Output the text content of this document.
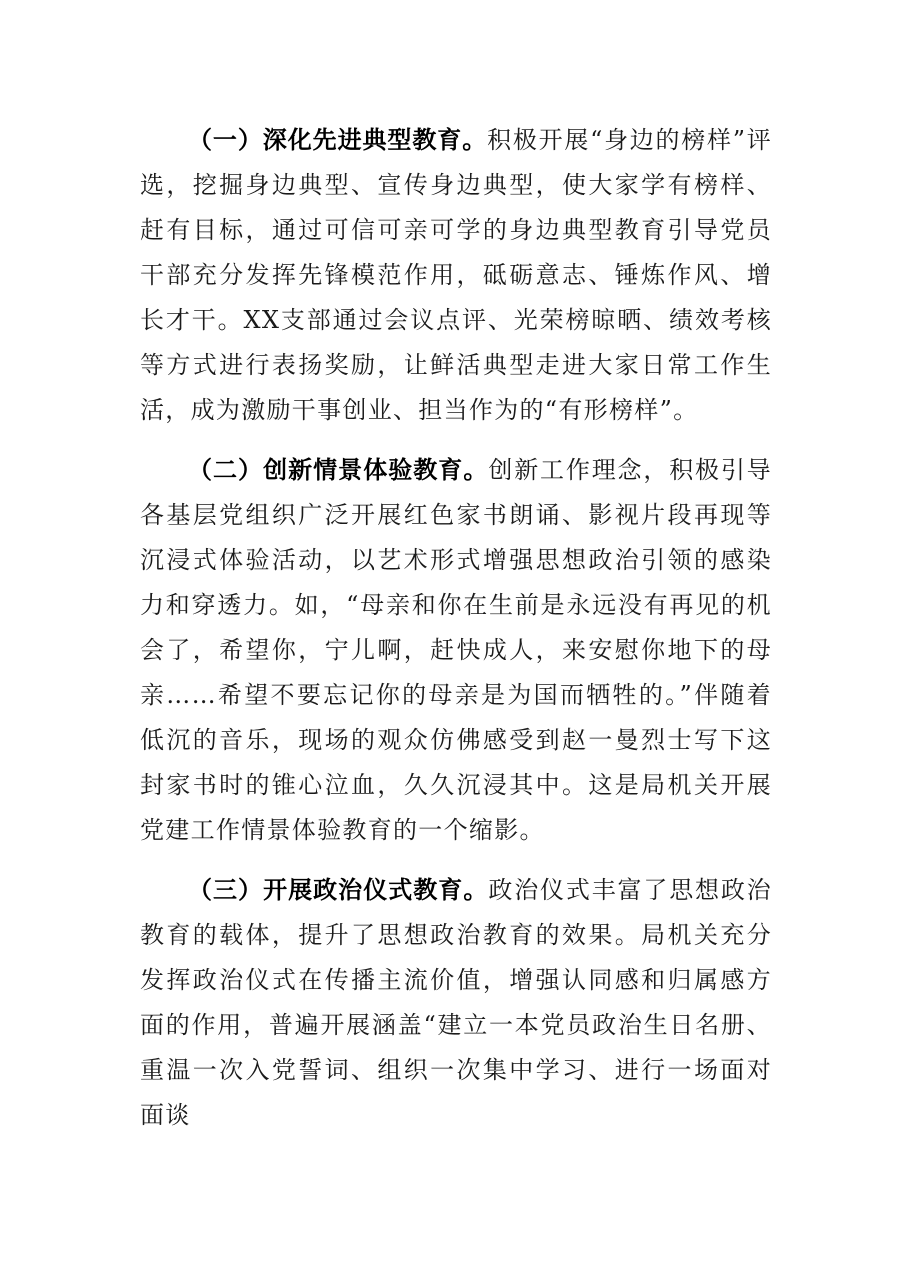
（一）深化先进典型教育。积极开展“身边的榜样”评选，挖掘身边典型、宣传身边典型，使大家学有榜样、赶有目标，通过可信可亲可学的身边典型教育引导党员干部充分发挥先锋模范作用，砥砺意志、锤炼作风、增长才干。XX支部通过会议点评、光荣榜晾晒、绩效考核等方式进行表扬奖励，让鲜活典型走进大家日常工作生活，成为激励干事创业、担当作为的“有形榜样”。

（二）创新情景体验教育。创新工作理念，积极引导各基层党组织广泛开展红色家书朗诵、影视片段再现等沉浸式体验活动，以艺术形式增强思想政治引领的感染力和穿透力。如，“母亲和你在生前是永远没有再见的机会了，希望你，宁儿啊，赶快成人，来安慰你地下的母亲……希望不要忘记你的母亲是为国而牺牲的。”伴随着低沉的音乐，现场的观众仿佛感受到赵一曼烈士写下这封家书时的锥心泣血，久久沉浸其中。这是局机关开展党建工作情景体验教育的一个缩影。

（三）开展政治仪式教育。政治仪式丰富了思想政治教育的载体，提升了思想政治教育的效果。局机关充分发挥政治仪式在传播主流价值，增强认同感和归属感方面的作用，普遍开展涵盖“建立一本党员政治生日名册、重温一次入党誓词、组织一次集中学习、进行一场面对面谈
